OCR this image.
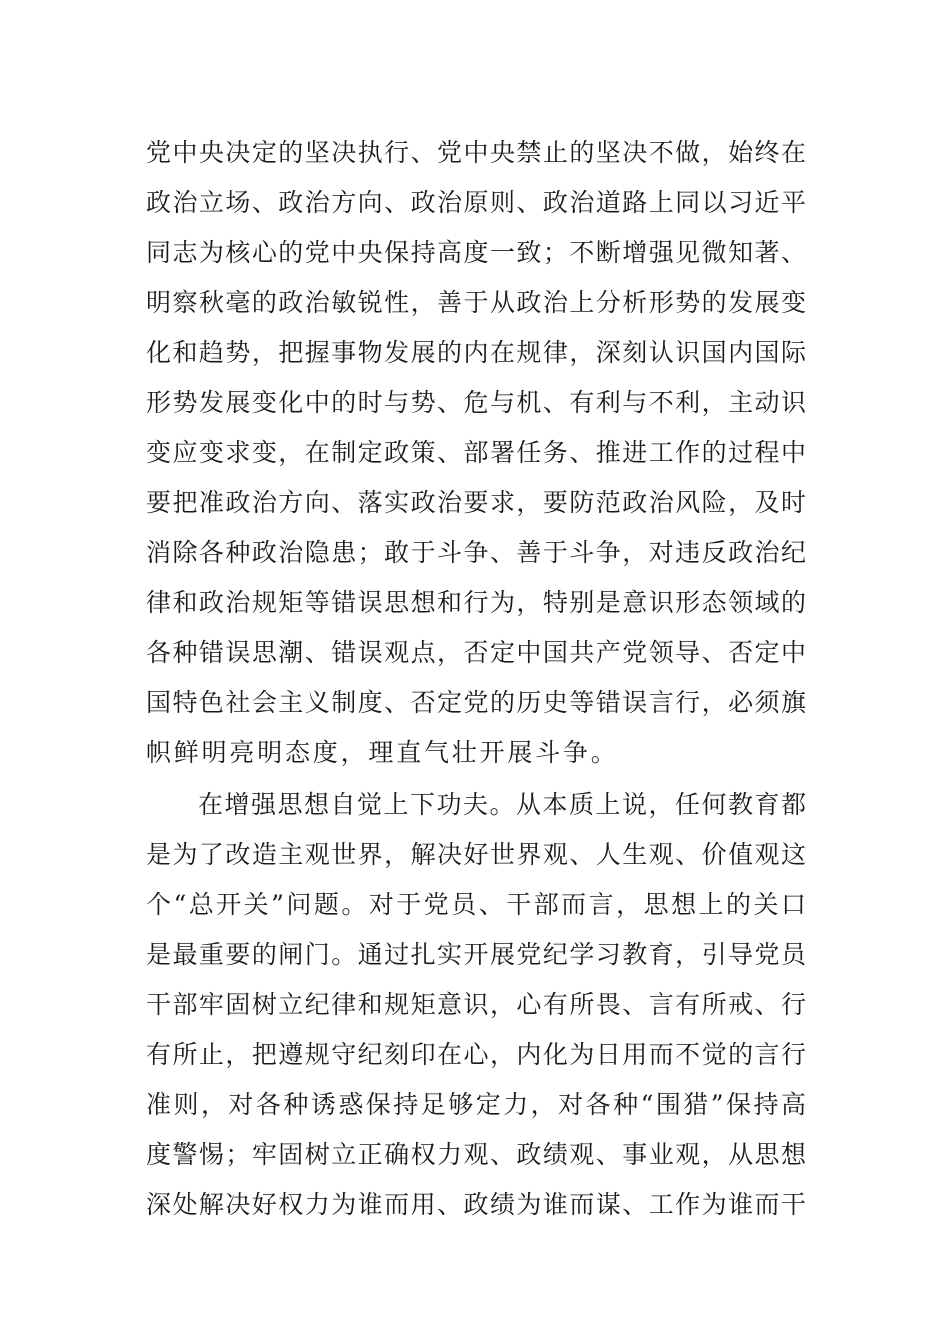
党中央决定的坚决执行、党中央禁止的坚决不做，始终在
政治立场、政治方向、政治原则、政治道路上同以习近平
同志为核心的党中央保持高度一致；不断增强见微知著、
明察秋毫的政治敏锐性，善于从政治上分析形势的发展变
化和趋势，把握事物发展的内在规律，深刻认识国内国际
形势发展变化中的时与势、危与机、有利与不利，主动识
变应变求变，在制定政策、部署任务、推进工作的过程中
要把准政治方向、落实政治要求，要防范政治风险，及时
消除各种政治隐患；敢于斗争、善于斗争，对违反政治纪
律和政治规矩等错误思想和行为，特别是意识形态领域的
各种错误思潮、错误观点，否定中国共产党领导、否定中
国特色社会主义制度、否定党的历史等错误言行，必须旗
帜鲜明亮明态度，理直气壮开展斗争。
在增强思想自觉上下功夫。从本质上说，任何教育都
是为了改造主观世界，解决好世界观、人生观、价值观这
个“总开关”问题。对于党员、干部而言，思想上的关口
是最重要的闸门。通过扎实开展党纪学习教育，引导党员
干部牢固树立纪律和规矩意识，心有所畏、言有所戒、行
有所止，把遵规守纪刻印在心，内化为日用而不觉的言行
准则，对各种诱惑保持足够定力，对各种“围猎”保持高
度警惕；牢固树立正确权力观、政绩观、事业观，从思想
深处解决好权力为谁而用、政绩为谁而谋、工作为谁而干
